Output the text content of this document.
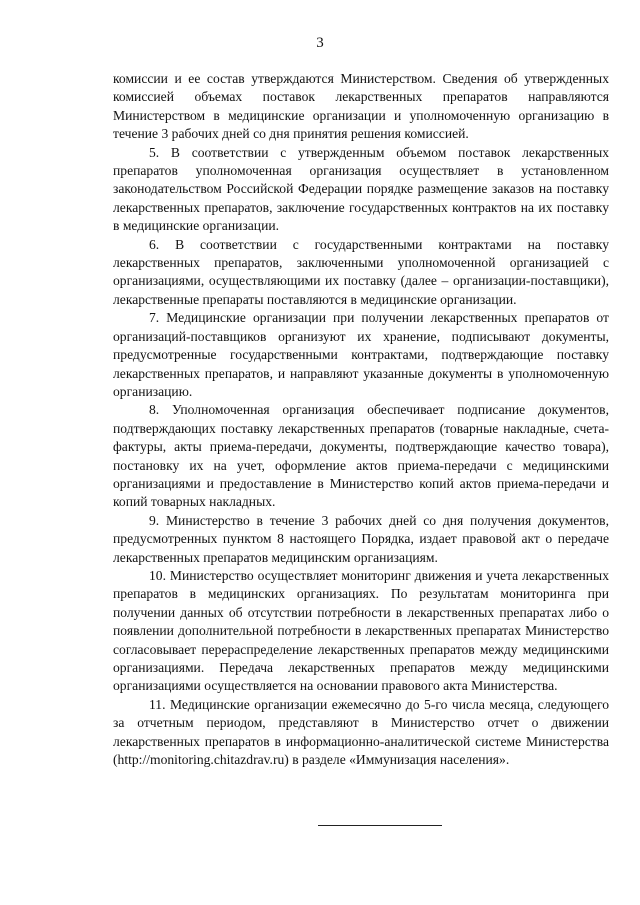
3

комиссии и ее состав утверждаются Министерством. Сведения об утвержденных комиссией объемах поставок лекарственных препаратов направляются Министерством в медицинские организации и уполномоченную организацию в течение 3 рабочих дней со дня принятия решения комиссией.

5. В соответствии с утвержденным объемом поставок лекарственных препаратов уполномоченная организация осуществляет в установленном законодательством Российской Федерации порядке размещение заказов на поставку лекарственных препаратов, заключение государственных контрактов на их поставку в медицинские организации.

6. В соответствии с государственными контрактами на поставку лекарственных препаратов, заключенными уполномоченной организацией с организациями, осуществляющими их поставку (далее – организации-поставщики), лекарственные препараты поставляются в медицинские организации.

7. Медицинские организации при получении лекарственных препаратов от организаций-поставщиков организуют их хранение, подписывают документы, предусмотренные государственными контрактами, подтверждающие поставку лекарственных препаратов, и направляют указанные документы в уполномоченную организацию.

8. Уполномоченная организация обеспечивает подписание документов, подтверждающих поставку лекарственных препаратов (товарные накладные, счета-фактуры, акты приема-передачи, документы, подтверждающие качество товара), постановку их на учет, оформление актов приема-передачи с медицинскими организациями и предоставление в Министерство копий актов приема-передачи и копий товарных накладных.

9. Министерство в течение 3 рабочих дней со дня получения документов, предусмотренных пунктом 8 настоящего Порядка, издает правовой акт о передаче лекарственных препаратов медицинским организациям.

10. Министерство осуществляет мониторинг движения и учета лекарственных препаратов в медицинских организациях. По результатам мониторинга при получении данных об отсутствии потребности в лекарственных препаратах либо о появлении дополнительной потребности в лекарственных препаратах Министерство согласовывает перераспределение лекарственных препаратов между медицинскими организациями. Передача лекарственных препаратов между медицинскими организациями осуществляется на основании правового акта Министерства.

11. Медицинские организации ежемесячно до 5-го числа месяца, следующего за отчетным периодом, представляют в Министерство отчет о движении лекарственных препаратов в информационно-аналитической системе Министерства (http://monitoring.chitazdrav.ru) в разделе «Иммунизация населения».
